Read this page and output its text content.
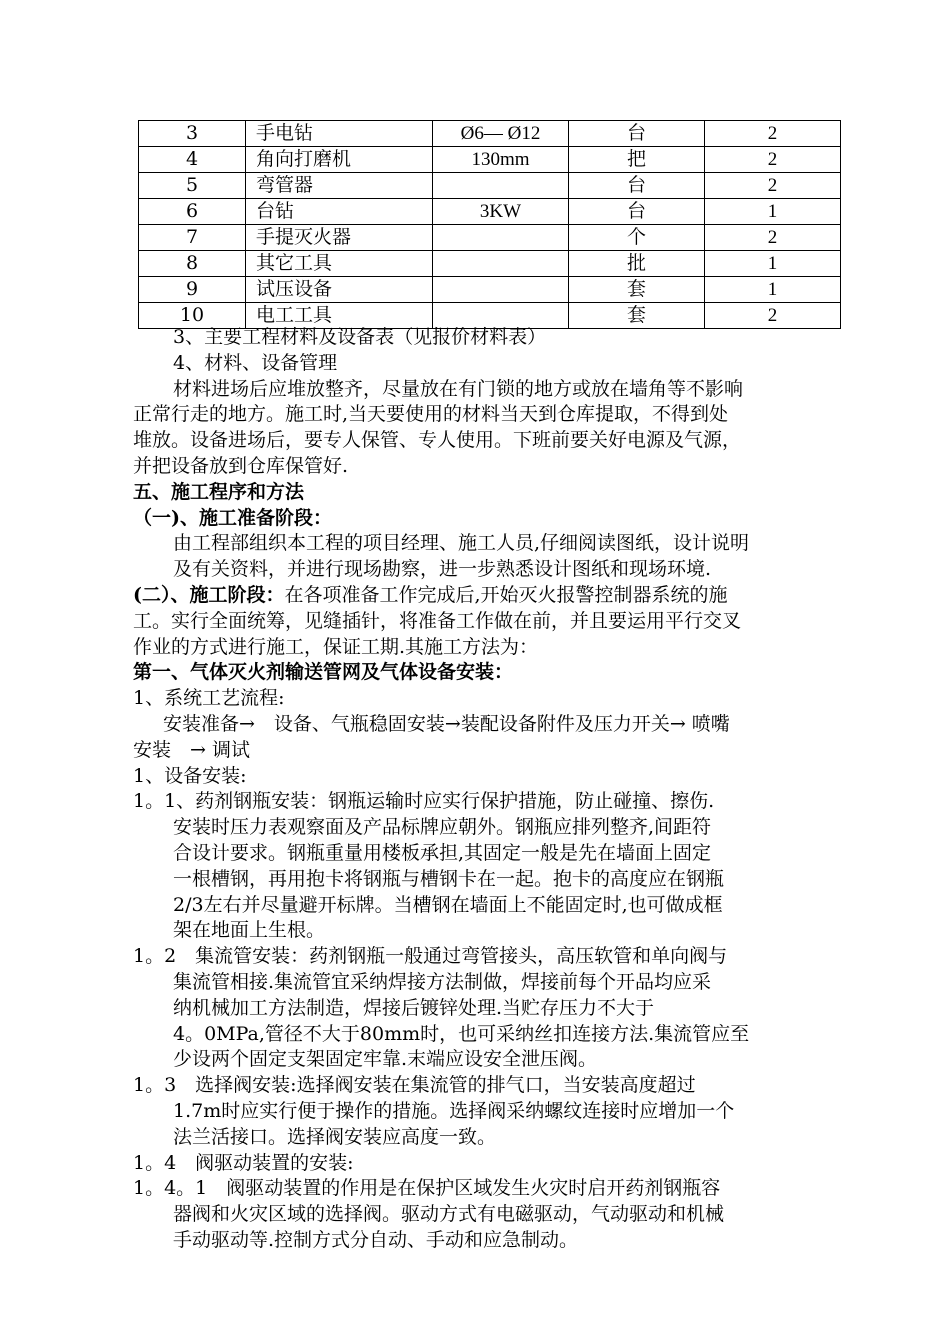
3	手电钻	Ø6— Ø12	台	2
4	角向打磨机	130mm	把	2
5	弯管器		台	2
6	台钻	3KW	台	1
7	手提灭火器		个	2
8	其它工具		批	1
9	试压设备		套	1
10	电工工具		套	2
3、主要工程材料及设备表（见报价材料表）
4、材料、设备管理
材料进场后应堆放整齐，尽量放在有门锁的地方或放在墙角等不影响
正常行走的地方。施工时,当天要使用的材料当天到仓库提取，不得到处
堆放。设备进场后，要专人保管、专人使用。下班前要关好电源及气源，
并把设备放到仓库保管好.
五、施工程序和方法
（一)、施工准备阶段：
由工程部组织本工程的项目经理、施工人员,仔细阅读图纸，设计说明
及有关资料，并进行现场勘察，进一步熟悉设计图纸和现场环境.
(二）、施工阶段：在各项准备工作完成后,开始灭火报警控制器系统的施
工。实行全面统筹，见缝插针，将准备工作做在前，并且要运用平行交叉
作业的方式进行施工，保证工期.其施工方法为：
第一、气体灭火剂输送管网及气体设备安装：
1、系统工艺流程:
安装准备→　设备、气瓶稳固安装→装配设备附件及压力开关→ 喷嘴
安装　→ 调试
1、设备安装:
1。1、药剂钢瓶安装：钢瓶运输时应实行保护措施，防止碰撞、擦伤.
安装时压力表观察面及产品标牌应朝外。钢瓶应排列整齐,间距符
合设计要求。钢瓶重量用楼板承担,其固定一般是先在墙面上固定
一根槽钢，再用抱卡将钢瓶与槽钢卡在一起。抱卡的高度应在钢瓶
2/3左右并尽量避开标牌。当槽钢在墙面上不能固定时,也可做成框
架在地面上生根。
1。2　集流管安装：药剂钢瓶一般通过弯管接头，高压软管和单向阀与
集流管相接.集流管宜采纳焊接方法制做，焊接前每个开品均应采
纳机械加工方法制造，焊接后镀锌处理.当贮存压力不大于
4。0MPa,管径不大于80mm时，也可采纳丝扣连接方法.集流管应至
少设两个固定支架固定牢靠.末端应设安全泄压阀。
1。3　选择阀安装:选择阀安装在集流管的排气口，当安装高度超过
1.7m时应实行便于操作的措施。选择阀采纳螺纹连接时应增加一个
法兰活接口。选择阀安装应高度一致。
1。4　阀驱动装置的安装:
1。4。1　阀驱动装置的作用是在保护区域发生火灾时启开药剂钢瓶容
器阀和火灾区域的选择阀。驱动方式有电磁驱动，气动驱动和机械
手动驱动等.控制方式分自动、手动和应急制动。
